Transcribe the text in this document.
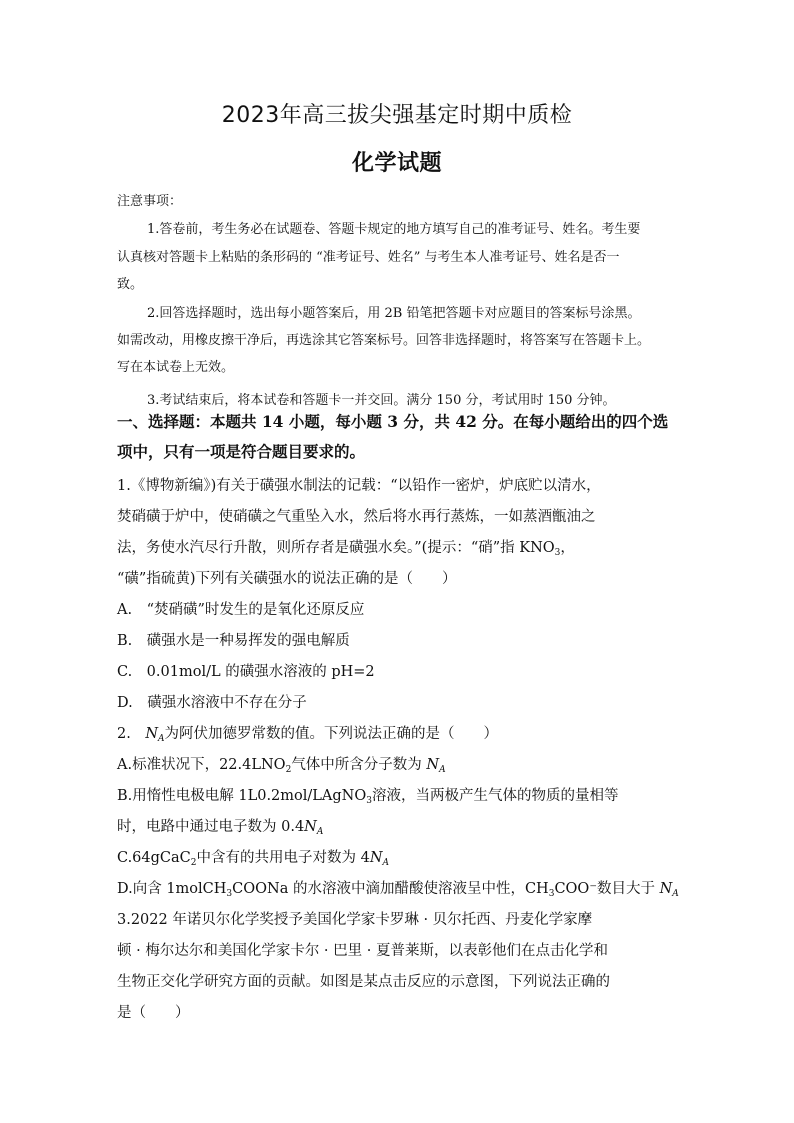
2023年高三拔尖强基定时期中质检
化学试题
注意事项：
1.答卷前，考生务必在试题卷、答题卡规定的地方填写自己的准考证号、姓名。考生要
认真核对答题卡上粘贴的条形码的 “准考证号、姓名” 与考生本人准考证号、姓名是否一
致。
2.回答选择题时，选出每小题答案后，用 2B 铅笔把答题卡对应题目的答案标号涂黑。
如需改动，用橡皮擦干净后，再选涂其它答案标号。回答非选择题时，将答案写在答题卡上。
写在本试卷上无效。
3.考试结束后，将本试卷和答题卡一并交回。满分 150 分，考试用时 150 分钟。
一、选择题：本题共 14 小题，每小题 3 分，共 42 分。在每小题给出的四个选
项中，只有一项是符合题目要求的。
1.《博物新编》)有关于磺强水制法的记载：“以铅作一密炉，炉底贮以清水，
焚硝磺于炉中，使硝磺之气重坠入水，然后将水再行蒸炼，一如蒸酒甑油之
法，务使水汽尽行升散，则所存者是磺强水矣。”(提示：“硝”指 $KNO_3$，
“磺”指硫黄)下列有关磺强水的说法正确的是（　　）
A.　“焚硝磺”时发生的是氧化还原反应
B.　磺强水是一种易挥发的强电解质
C.　0.01mol/L 的磺强水溶液的 pH=2
D.　磺强水溶液中不存在分子
2.　$N_A$为阿伏加德罗常数的值。下列说法正确的是（　　）
A.标准状况下，$22.4LNO_2$气体中所含分子数为 $N_A$
B.用惰性电极电解 1L0.2mol/LAgNO$_3$溶液，当两极产生气体的物质的量相等
时，电路中通过电子数为 $0.4N_A$
C.64gCaC$_2$中含有的共用电子对数为 $4N_A$
D.向含 1molCH$_3$COONa 的水溶液中滴加醋酸使溶液呈中性，$CH_3COO^-$数目大于 $N_A$
3.2022 年诺贝尔化学奖授予美国化学家卡罗琳 · 贝尔托西、丹麦化学家摩
顿 · 梅尔达尔和美国化学家卡尔 · 巴里 · 夏普莱斯，以表彰他们在点击化学和
生物正交化学研究方面的贡献。如图是某点击反应的示意图，下列说法正确的
是（　　）
